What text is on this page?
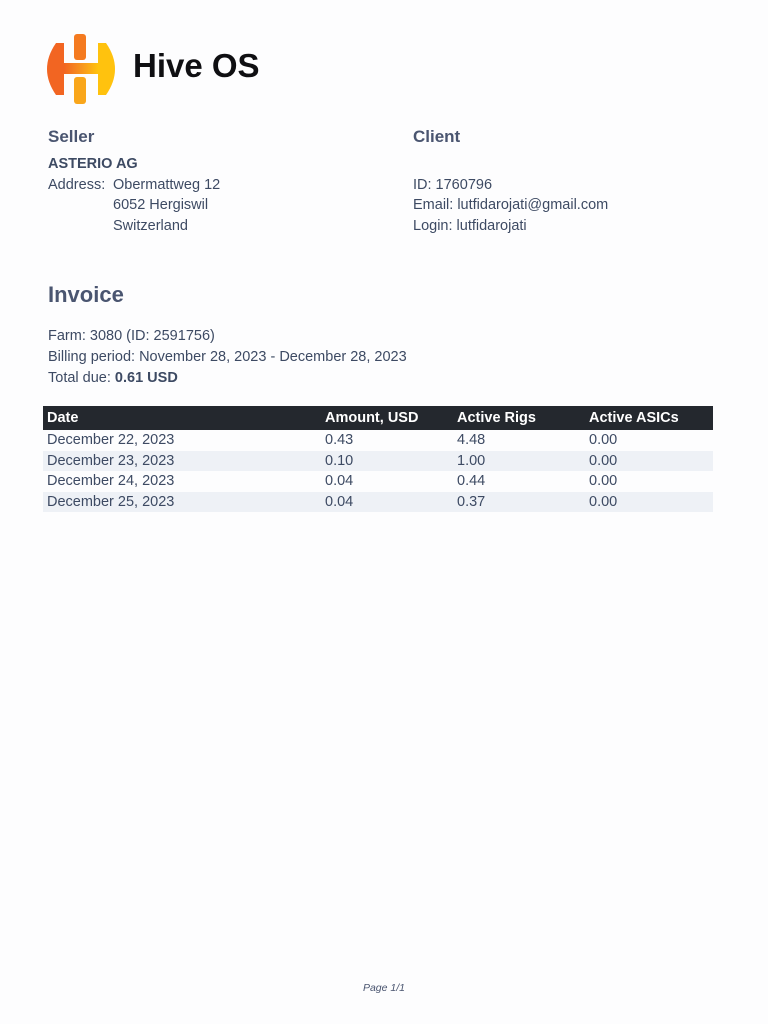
Hive OS
Seller
ASTERIO AG
Address: Obermattweg 12
6052 Hergiswil
Switzerland
Client
ID: 1760796
Email: lutfidarojati@gmail.com
Login: lutfidarojati
Invoice
Farm: 3080 (ID: 2591756)
Billing period: November 28, 2023 - December 28, 2023
Total due: 0.61 USD
Date	Amount, USD	Active Rigs	Active ASICs
December 22, 2023	0.43	4.48	0.00
December 23, 2023	0.10	1.00	0.00
December 24, 2023	0.04	0.44	0.00
December 25, 2023	0.04	0.37	0.00
Page 1/1
